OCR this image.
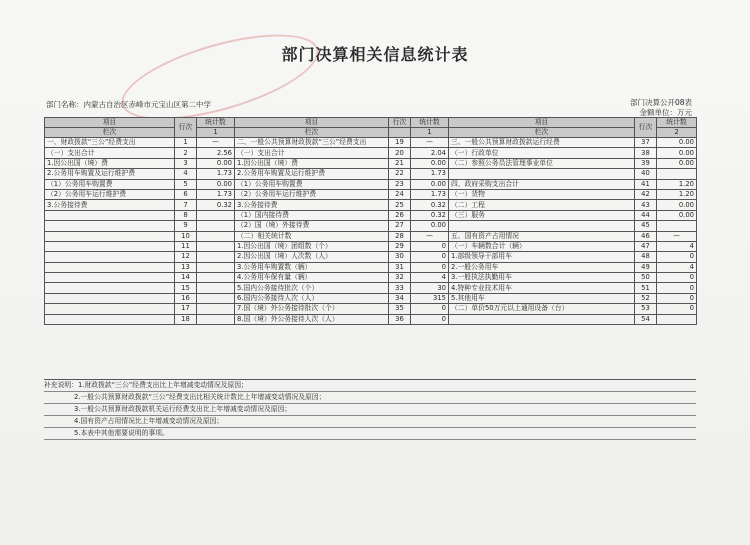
部门决算相关信息统计表
部门名称：内蒙古自治区赤峰市元宝山区第二中学	部门决算公开08表
金额单位：万元
项目	行次	统计数	项目	行次	统计数	项目	行次	统计数
栏次		1	栏次		1	栏次		2
一、财政拨款“三公”经费支出	1	—	二、一般公共预算财政拨款“三公”经费支出	19	—	三、一般公共预算财政拨款运行经费	37	0.00
（一）支出合计	2	2.56	（一）支出合计	20	2.04	（一）行政单位	38	0.00
1.因公出国（境）费	3	0.00	1.因公出国（境）费	21	0.00	（二）参照公务员法管理事业单位	39	0.00
2.公务用车购置及运行维护费	4	1.73	2.公务用车购置及运行维护费	22	1.73		40	
（1）公务用车购置费	5	0.00	（1）公务用车购置费	23	0.00	四、政府采购支出合计	41	1.20
（2）公务用车运行维护费	6	1.73	（2）公务用车运行维护费	24	1.73	（一）货物	42	1.20
3.公务接待费	7	0.32	3.公务接待费	25	0.32	（二）工程	43	0.00
	8		（1）国内接待费	26	0.32	（三）服务	44	0.00
	9		（2）国（境）外接待费	27	0.00		45	
	10		（二）相关统计数	28	—	五、国有资产占用情况	46	—
	11		1.因公出国（境）团组数（个）	29	0	（一）车辆数合计（辆）	47	4
	12		2.因公出国（境）人次数（人）	30	0	1.部级领导干部用车	48	0
	13		3.公务用车购置数（辆）	31	0	2.一般公务用车	49	4
	14		4.公务用车保有量（辆）	32	4	3.一般执法执勤用车	50	0
	15		5.国内公务接待批次（个）	33	30	4.特种专业技术用车	51	0
	16		6.国内公务接待人次（人）	34	315	5.其他用车	52	0
	17		7.国（境）外公务接待批次（个）	35	0	（二）单价50万元以上通用设备（台）	53	0
	18		8.国（境）外公务接待人次（人）	36	0		54	
补充说明：1.财政拨款“三公”经费支出比上年增减变动情况及原因；
2.一般公共预算财政拨款“三公”经费支出比相关统计数比上年增减变动情况及原因；
3.一般公共预算财政拨款机关运行经费支出比上年增减变动情况及原因；
4.国有资产占用情况比上年增减变动情况及原因；
5.本表中其他需要说明的事项。
